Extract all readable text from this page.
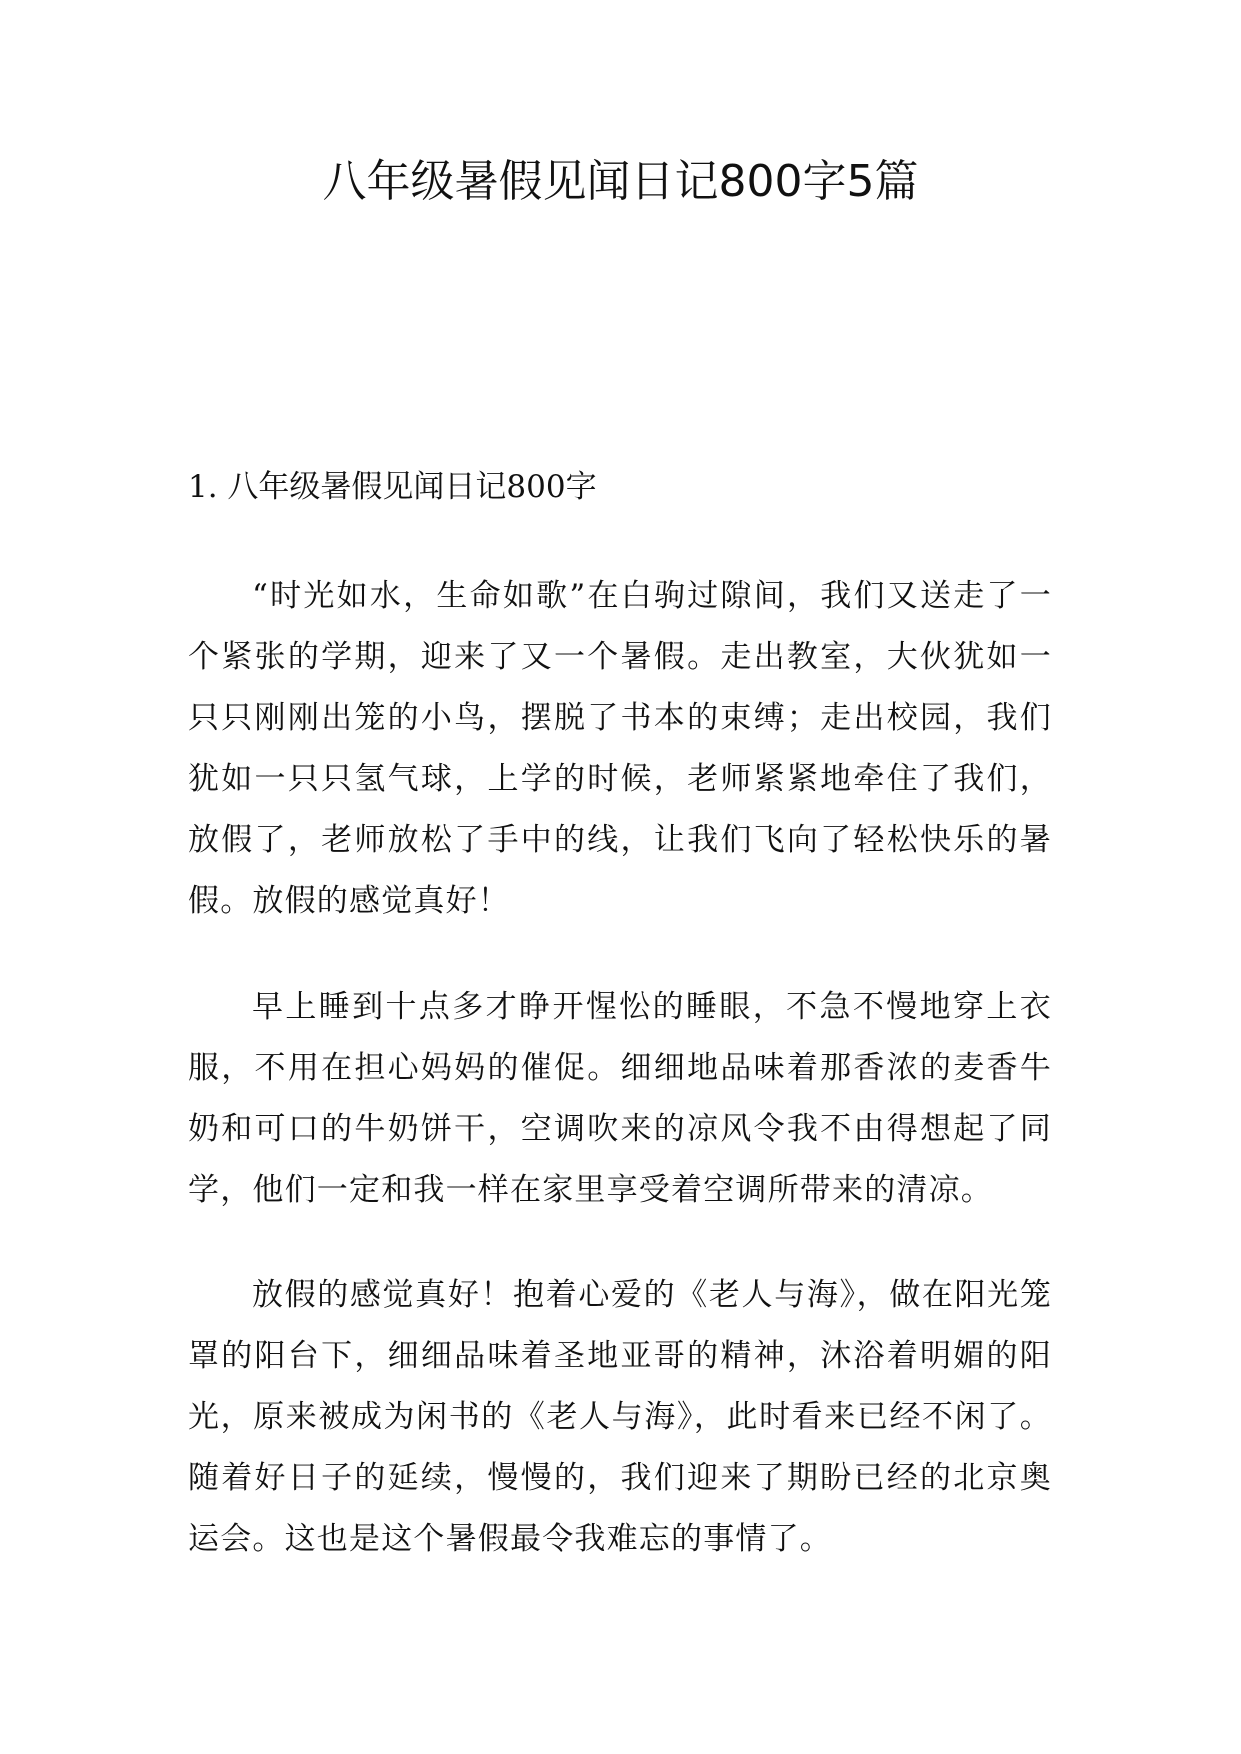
八年级暑假见闻日记800字5篇
1. 八年级暑假见闻日记800字

“时光如水，生命如歌”在白驹过隙间，我们又送走了一个紧张的学期，迎来了又一个暑假。走出教室，大伙犹如一只只刚刚出笼的小鸟，摆脱了书本的束缚；走出校园，我们犹如一只只氢气球，上学的时候，老师紧紧地牵住了我们，放假了，老师放松了手中的线，让我们飞向了轻松快乐的暑假。放假的感觉真好！

早上睡到十点多才睁开惺忪的睡眼，不急不慢地穿上衣服，不用在担心妈妈的催促。细细地品味着那香浓的麦香牛奶和可口的牛奶饼干，空调吹来的凉风令我不由得想起了同学，他们一定和我一样在家里享受着空调所带来的清凉。

放假的感觉真好！抱着心爱的《老人与海》，做在阳光笼罩的阳台下，细细品味着圣地亚哥的精神，沐浴着明媚的阳光，原来被成为闲书的《老人与海》，此时看来已经不闲了。随着好日子的延续，慢慢的，我们迎来了期盼已经的北京奥运会。这也是这个暑假最令我难忘的事情了。
